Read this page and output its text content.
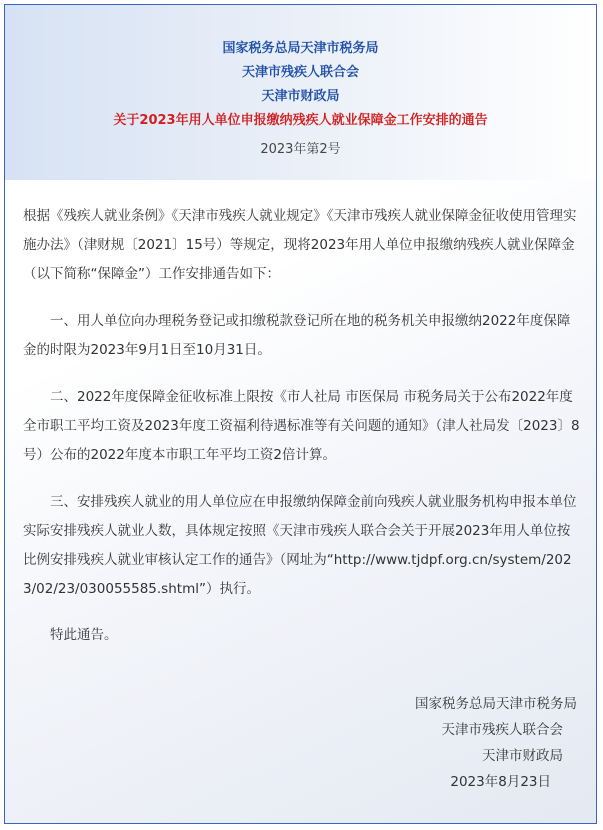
国家税务总局天津市税务局
天津市残疾人联合会
天津市财政局
关于2023年用人单位申报缴纳残疾人就业保障金工作安排的通告
2023年第2号
根据《残疾人就业条例》《天津市残疾人就业规定》《天津市残疾人就业保障金征收使用管理实施办法》（津财规〔2021〕15号）等规定，现将2023年用人单位申报缴纳残疾人就业保障金（以下简称“保障金”）工作安排通告如下：
一、用人单位向办理税务登记或扣缴税款登记所在地的税务机关申报缴纳2022年度保障金的时限为2023年9月1日至10月31日。
二、2022年度保障金征收标准上限按《市人社局 市医保局 市税务局关于公布2022年度全市职工平均工资及2023年度工资福利待遇标准等有关问题的通知》（津人社局发〔2023〕8号）公布的2022年度本市职工年平均工资2倍计算。
三、安排残疾人就业的用人单位应在申报缴纳保障金前向残疾人就业服务机构申报本单位实际安排残疾人就业人数，具体规定按照《天津市残疾人联合会关于开展2023年用人单位按比例安排残疾人就业审核认定工作的通告》（网址为“http://www.tjdpf.org.cn/system/2023/02/23/030055585.shtml”）执行。
特此通告。
国家税务总局天津市税务局
天津市残疾人联合会
天津市财政局
2023年8月23日
